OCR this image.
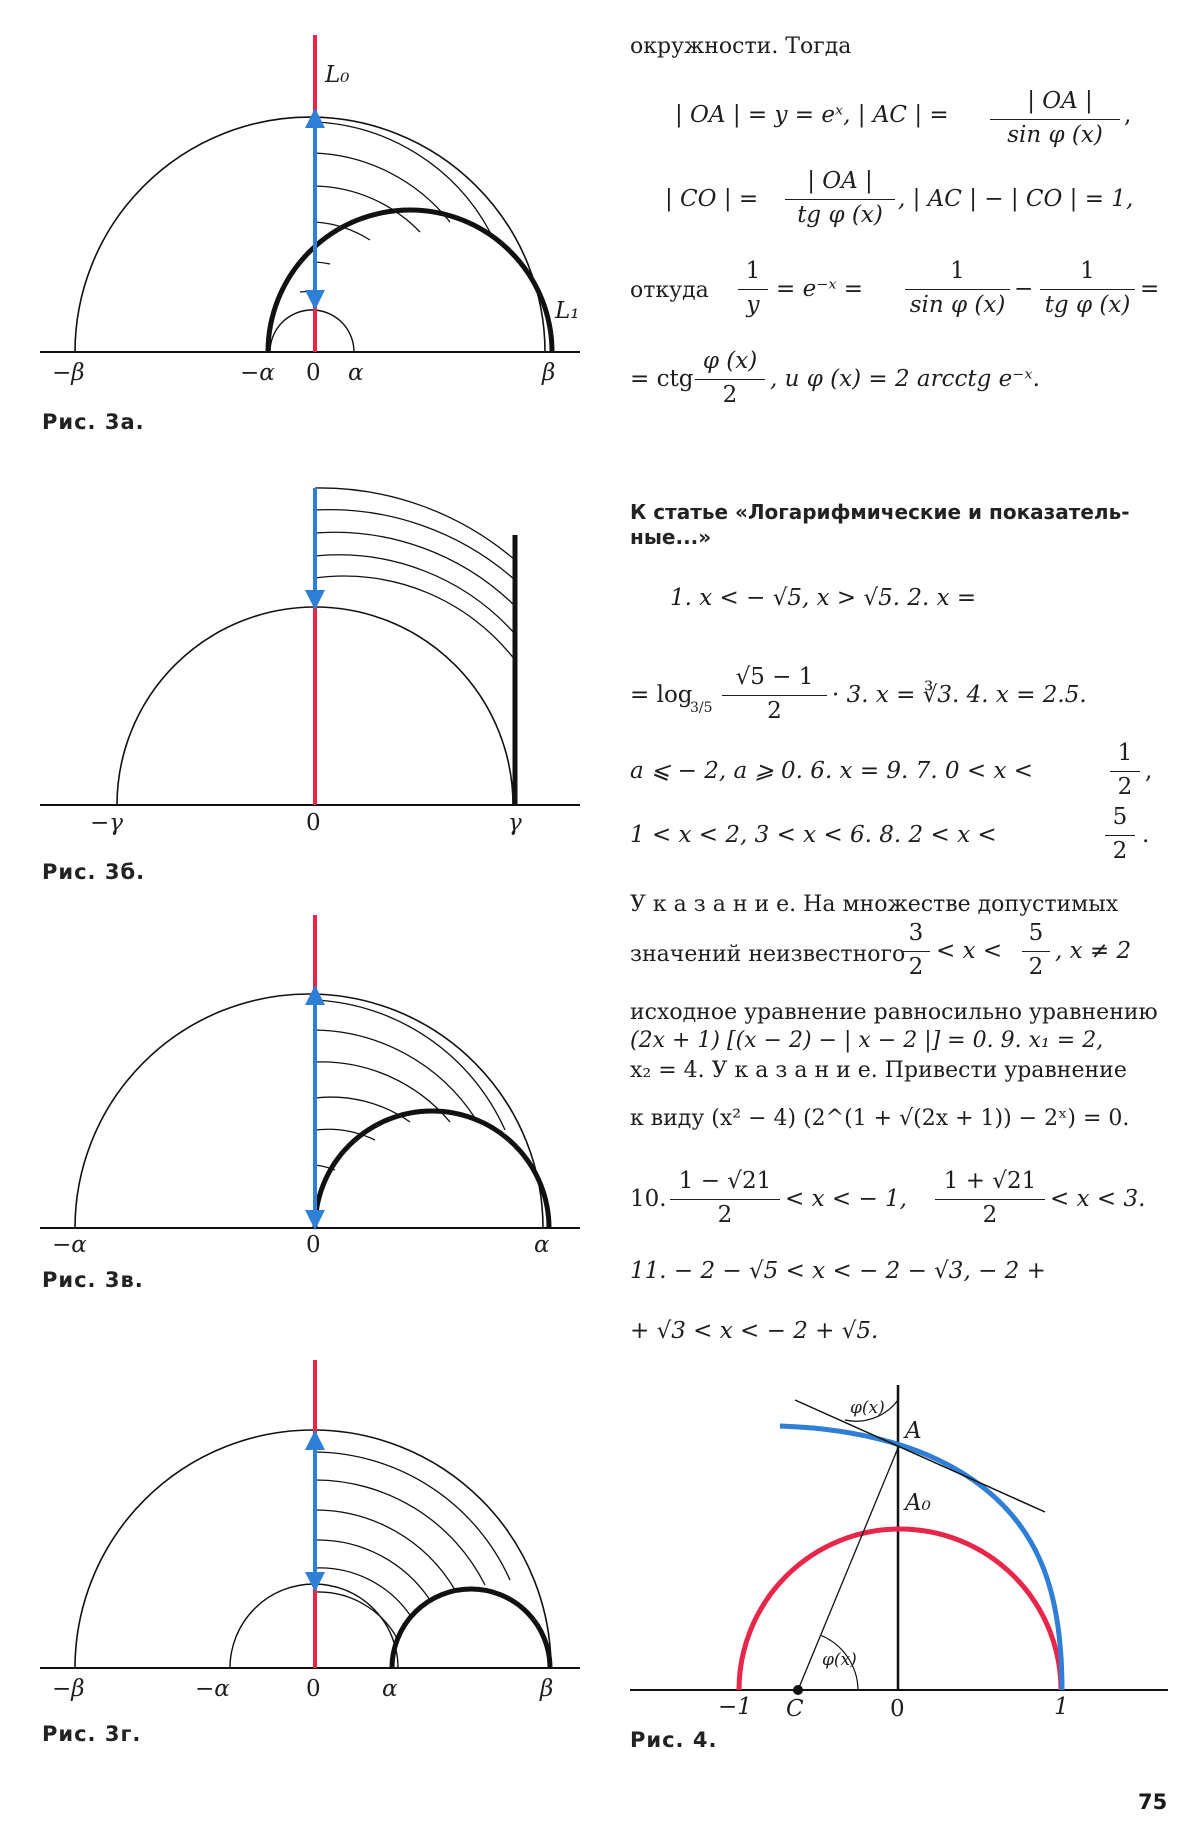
−β	−α 0 α	β
L₀
L₁
Рис. 3а.
−γ	0	γ
Рис. 3б.
−α	0	α
Рис. 3в.
−β	−α	0	α	β
Рис. 3г.
φ(x)
A
A₀
φ(x)
−1 C	0	1
Рис. 4.
окружности. Тогда
| OA | = y = eˣ, | AC | =
| OA |
sin φ (x)
,
| CO | =
| OA |
tg φ (x)
, | AC | − | CO | = 1,
откуда
1
y
= e⁻ˣ =
1
sin φ (x)
−
1
tg φ (x)
=
= ctg
φ (x)
2
, и φ (x) = 2 arcctg e⁻ˣ.
К статье «Логарифмические и показатель-ные...»
1. x < − √5, x > √5. 2. x =
= log
3/5
√5 − 1
2
· 3. x = ∛3. 4. x = 2.5.
a ⩽ − 2, a ⩾ 0. 6. x = 9. 7. 0 < x <
1
2
,
1 < x < 2, 3 < x < 6. 8. 2 < x <
5
2
.
У к а з а н и е. На множестве допустимых
значений неизвестного
3
2
< x <
5
2
, x ≠ 2
исходное уравнение равносильно уравнению
(2x + 1) [(x − 2) − | x − 2 |] = 0. 9. x₁ = 2,
x₂ = 4. У к а з а н и е. Привести уравнение
к виду (x² − 4) (2^(1 + √(2x + 1)) − 2ˣ) = 0.
10.
1 − √21
2
< x < − 1,
1 + √21
2
< x < 3.
11. − 2 − √5 < x < − 2 − √3, − 2 +
+ √3 < x < − 2 + √5.
75
